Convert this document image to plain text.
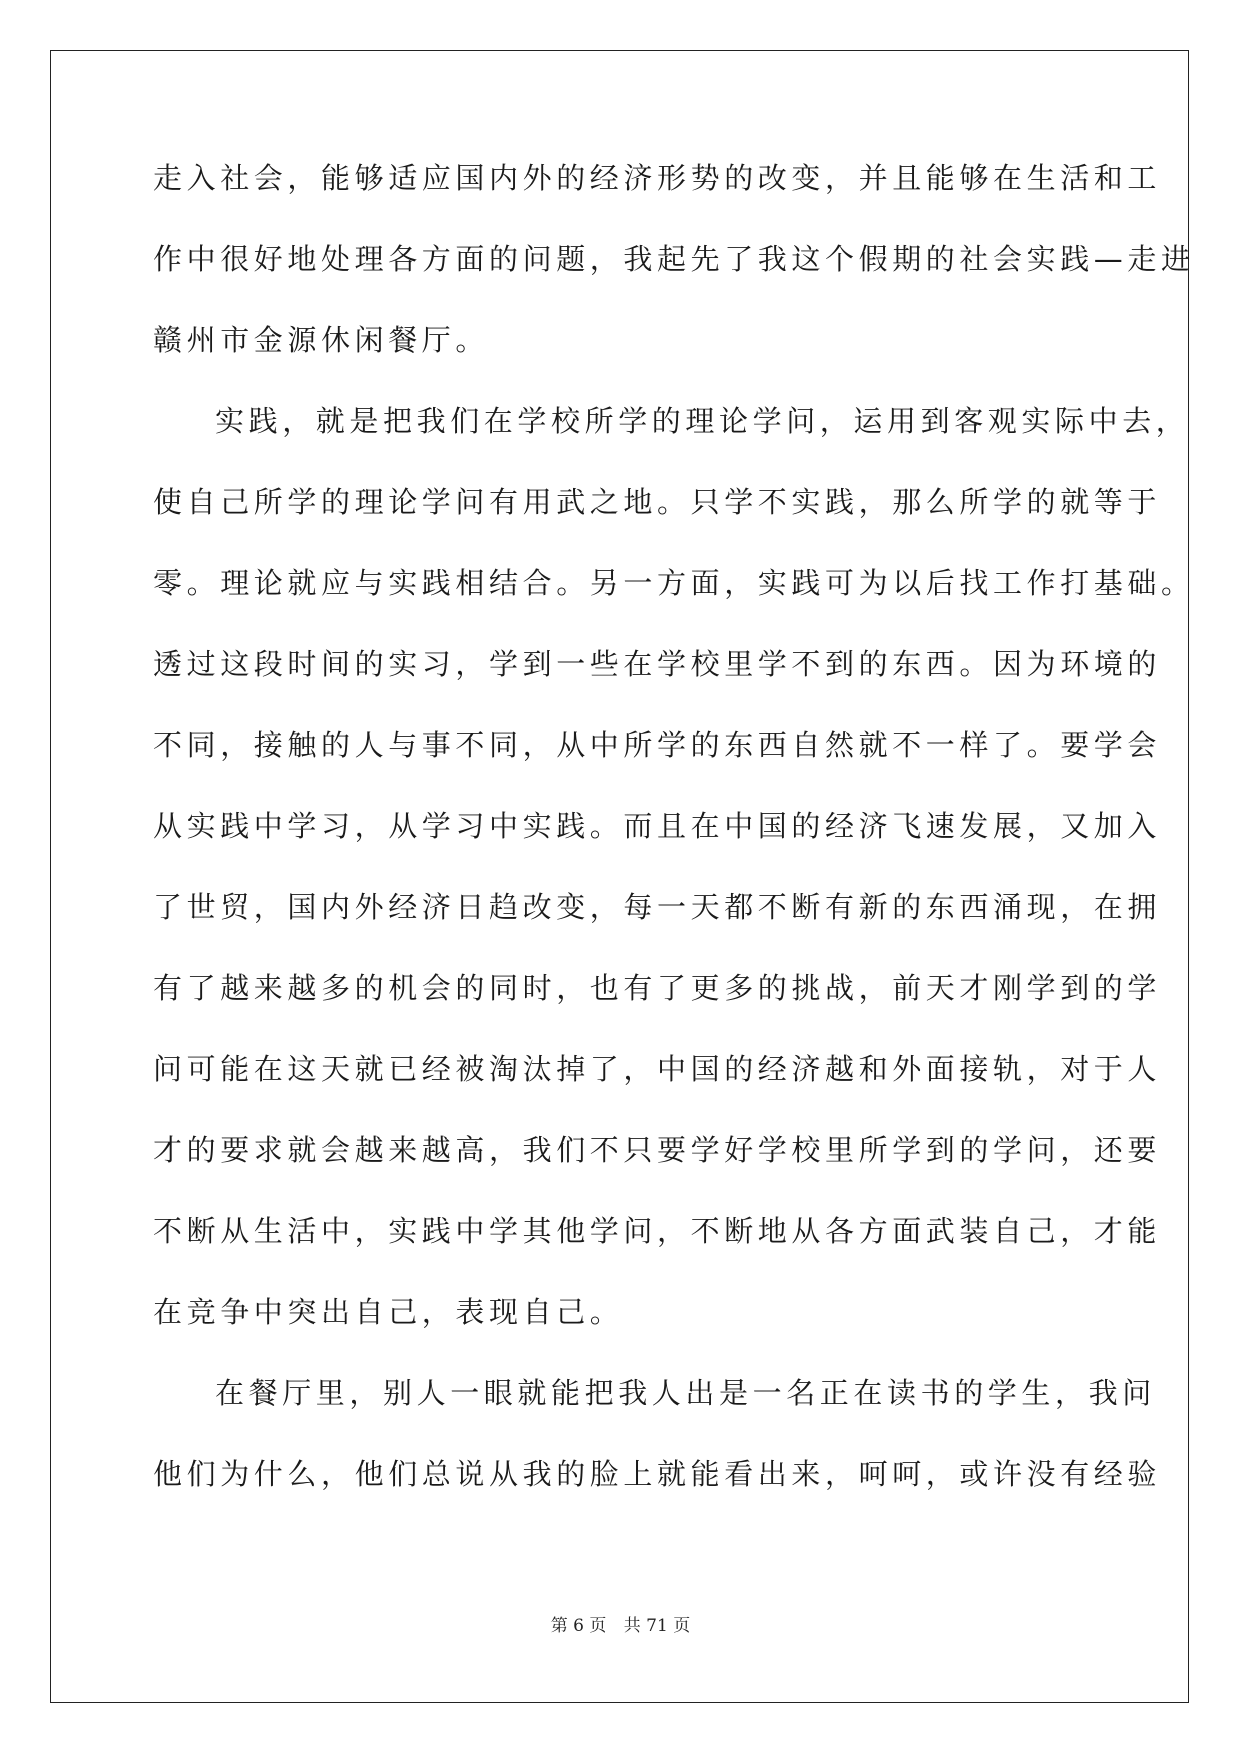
走入社会，能够适应国内外的经济形势的改变，并且能够在生活和工
作中很好地处理各方面的问题，我起先了我这个假期的社会实践—走进
赣州市金源休闲餐厅。
实践，就是把我们在学校所学的理论学问，运用到客观实际中去，
使自己所学的理论学问有用武之地。只学不实践，那么所学的就等于
零。理论就应与实践相结合。另一方面，实践可为以后找工作打基础。
透过这段时间的实习，学到一些在学校里学不到的东西。因为环境的
不同，接触的人与事不同，从中所学的东西自然就不一样了。要学会
从实践中学习，从学习中实践。而且在中国的经济飞速发展，又加入
了世贸，国内外经济日趋改变，每一天都不断有新的东西涌现，在拥
有了越来越多的机会的同时，也有了更多的挑战，前天才刚学到的学
问可能在这天就已经被淘汰掉了，中国的经济越和外面接轨，对于人
才的要求就会越来越高，我们不只要学好学校里所学到的学问，还要
不断从生活中，实践中学其他学问，不断地从各方面武装自己，才能
在竞争中突出自己，表现自己。
在餐厅里，别人一眼就能把我人出是一名正在读书的学生，我问
他们为什么，他们总说从我的脸上就能看出来，呵呵，或许没有经验
第 6 页 共 71 页
